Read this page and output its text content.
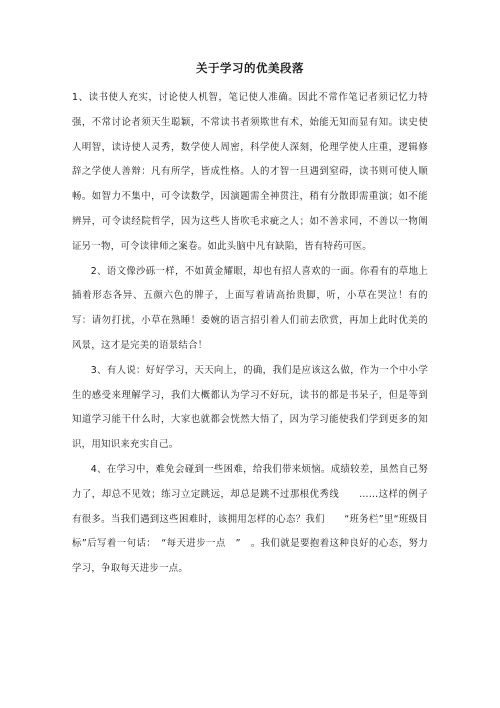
关于学习的优美段落

1、读书使人充实，讨论使人机智，笔记使人准确。因此不常作笔记者须记忆力特强，不常讨论者须天生聪颖，不常读书者须欺世有术，始能无知而显有知。读史使人明智，读诗使人灵秀，数学使人周密，科学使人深刻，伦理学使人庄重，逻辑修辞之学使人善辩：凡有所学，皆成性格。人的才智一旦遇到窒碍，读书则可使人顺畅。如智力不集中，可令读数学，因演题需全神贯注，稍有分散即需重演；如不能辨异，可令读经院哲学，因为这些人皆吹毛求疵之人；如不善求同，不善以一物阐证另一物，可令读律师之案卷。如此头脑中凡有缺陷，皆有特药可医。

2、语文像沙砾一样，不如黄金耀眼，却也有招人喜欢的一面。你看有的草地上插着形态各异、五颜六色的牌子，上面写着请高抬贵脚，听，小草在哭泣！有的写：请勿打扰，小草在熟睡！委婉的语言招引着人们前去欣赏，再加上此时优美的风景，这才是完美的语景结合！

3、有人说：好好学习，天天向上，的确，我们是应该这么做，作为一个中小学生的感受来理解学习，我们大概都认为学习不好玩，读书的都是书呆子，但是等到知道学习能干什么时，大家也就都会恍然大悟了，因为学习能使我们学到更多的知识，用知识来充实自己。

4、在学习中，难免会碰到一些困难，给我们带来烦恼。成绩较差，虽然自己努力了，却总不见效；练习立定跳远，却总是跳不过那根优秀线　　……这样的例子有很多。当我们遇到这些困难时，该拥用怎样的心态？我们　　“班务栏”里“班级目标”后写着一句话：　“每天进步一点　”　。我们就是要抱着这种良好的心态，努力学习，争取每天进步一点。
